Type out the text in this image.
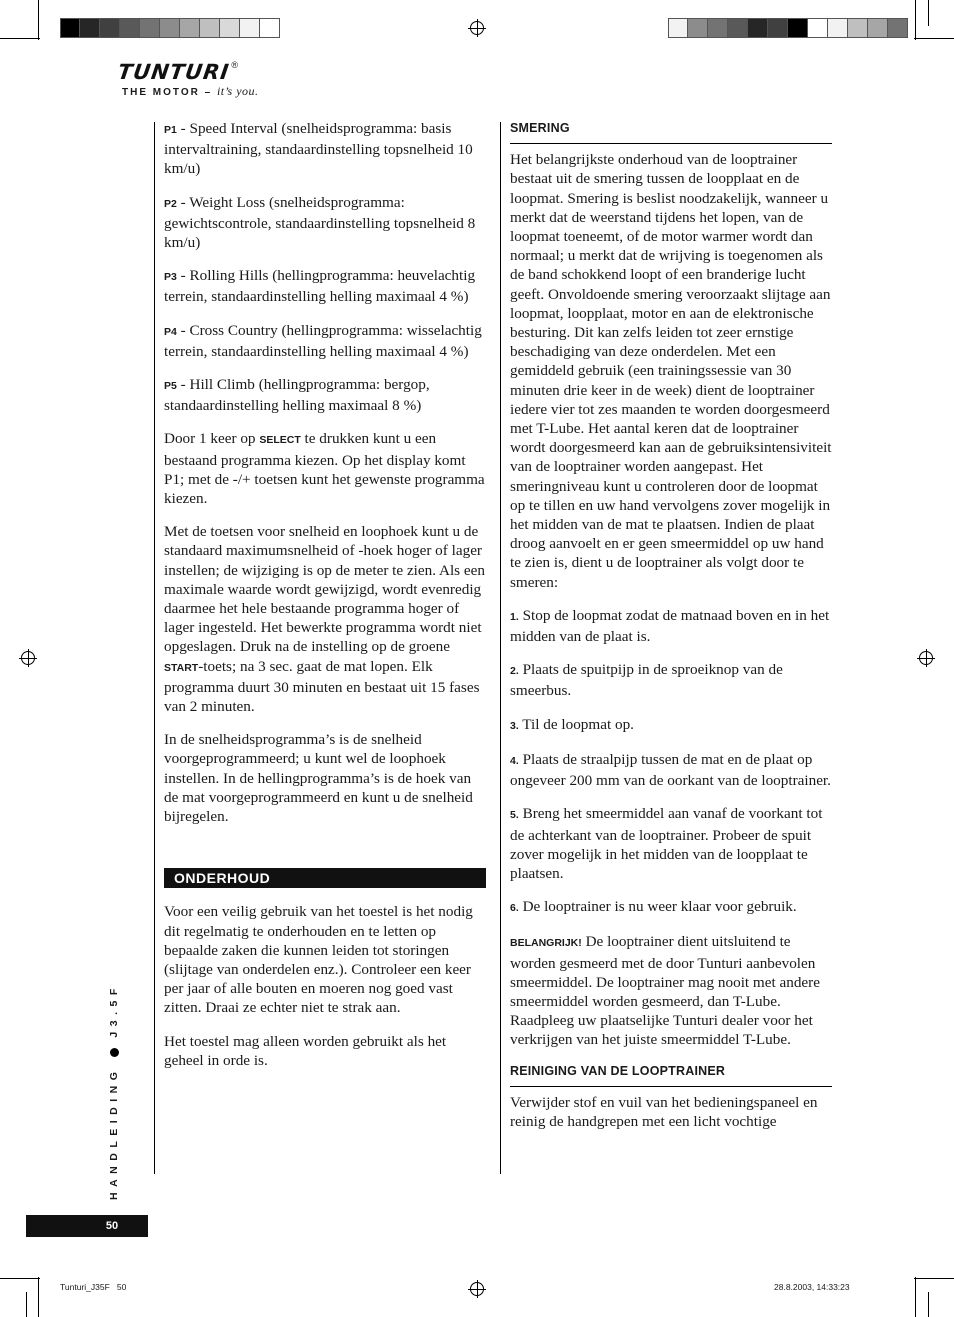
TUNTURI®
THE MOTOR – it’s you.

P1 - Speed Interval (snelheidsprogramma: basis intervaltraining, standaardinstelling topsnelheid 10 km/u)

P2 - Weight Loss (snelheidsprogramma: gewichtscontrole, standaardinstelling topsnelheid 8 km/u)

P3 - Rolling Hills (hellingprogramma: heuvelachtig terrein, standaardinstelling helling maximaal 4 %)

P4 - Cross Country (hellingprogramma: wisselachtig terrein, standaardinstelling helling maximaal 4 %)

P5 - Hill Climb (hellingprogramma: bergop, standaardinstelling helling maximaal 8 %)

Door 1 keer op SELECT te drukken kunt u een bestaand programma kiezen. Op het display komt P1; met de -/+ toetsen kunt het gewenste programma kiezen.

Met de toetsen voor snelheid en loophoek kunt u de standaard maximumsnelheid of -hoek hoger of lager instellen; de wijziging is op de meter te zien. Als een maximale waarde wordt gewijzigd, wordt evenredig daarmee het hele bestaande programma hoger of lager ingesteld. Het bewerkte programma wordt niet opgeslagen. Druk na de instelling op de groene START-toets; na 3 sec. gaat de mat lopen. Elk programma duurt 30 minuten en bestaat uit 15 fases van 2 minuten.

In de snelheidsprogramma’s is de snelheid voorgeprogrammeerd; u kunt wel de loophoek instellen. In de hellingprogramma’s is de hoek van de mat voorgeprogrammeerd en kunt u de snelheid bijregelen.

ONDERHOUD

Voor een veilig gebruik van het toestel is het nodig dit regelmatig te onderhouden en te letten op bepaalde zaken die kunnen leiden tot storingen (slijtage van onderdelen enz.). Controleer een keer per jaar of alle bouten en moeren nog goed vast zitten. Draai ze echter niet te strak aan.

Het toestel mag alleen worden gebruikt als het geheel in orde is.

SMERING

Het belangrijkste onderhoud van de looptrainer bestaat uit de smering tussen de loopplaat en de loopmat. Smering is beslist noodzakelijk, wanneer u merkt dat de weerstand tijdens het lopen, van de loopmat toeneemt, of de motor warmer wordt dan normaal; u merkt dat de wrijving is toegenomen als de band schokkend loopt of een branderige lucht geeft. Onvoldoende smering veroorzaakt slijtage aan loopmat, loopplaat, motor en aan de elektronische besturing. Dit kan zelfs leiden tot zeer ernstige beschadiging van deze onderdelen. Met een gemiddeld gebruik (een trainingssessie van 30 minuten drie keer in de week) dient de looptrainer iedere vier tot zes maanden te worden doorgesmeerd met T-Lube. Het aantal keren dat de looptrainer wordt doorgesmeerd kan aan de gebruiksintensiviteit van de looptrainer worden aangepast. Het smeringniveau kunt u controleren door de loopmat op te tillen en uw hand vervolgens zover mogelijk in het midden van de mat te plaatsen. Indien de plaat droog aanvoelt en er geen smeermiddel op uw hand te zien is, dient u de looptrainer als volgt door te smeren:

1. Stop de loopmat zodat de matnaad boven en in het midden van de plaat is.

2. Plaats de spuitpijp in de sproeiknop van de smeerbus.

3. Til de loopmat op.

4. Plaats de straalpijp tussen de mat en de plaat op ongeveer 200 mm van de oorkant van de looptrainer.

5. Breng het smeermiddel aan vanaf de voorkant tot de achterkant van de looptrainer. Probeer de spuit zover mogelijk in het midden van de loopplaat te plaatsen.

6. De looptrainer is nu weer klaar voor gebruik.

BELANGRIJK! De looptrainer dient uitsluitend te worden gesmeerd met de door Tunturi aanbevolen smeermiddel. De looptrainer mag nooit met andere smeermiddel worden gesmeerd, dan T-Lube. Raadpleeg uw plaatselijke Tunturi dealer voor het verkrijgen van het juiste smeermiddel T-Lube.

REINIGING VAN DE LOOPTRAINER

Verwijder stof en vuil van het bedieningspaneel en reinig de handgrepen met een licht vochtige

HANDLEIDINGJ3.5F
50
Tunturi_J35F   50	28.8.2003, 14:33:23
